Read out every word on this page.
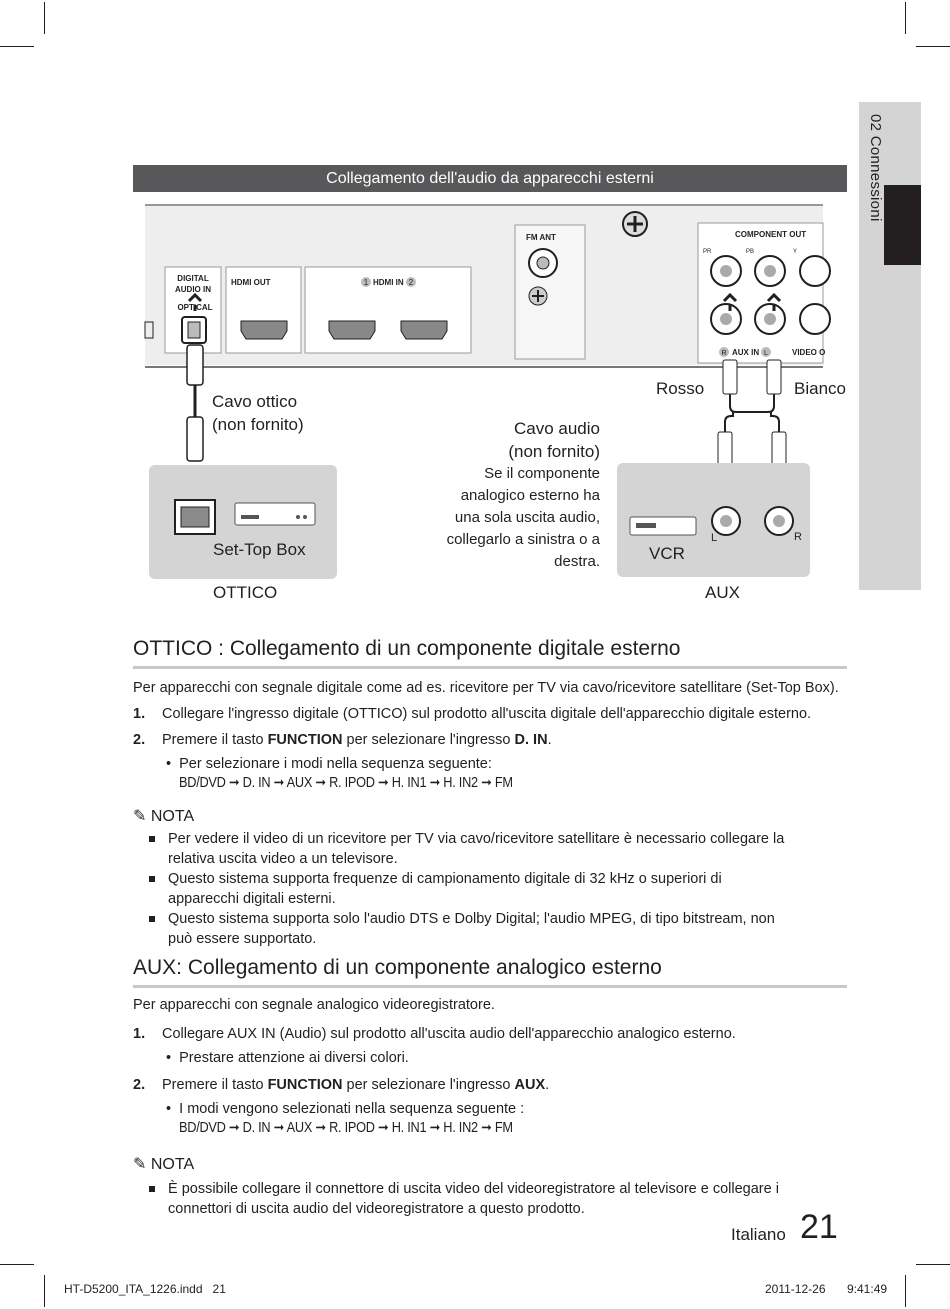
02 Connessioni
Collegamento dell'audio da apparecchi esterni
DIGITAL
AUDIO IN
OPTICAL
HDMI OUT	1 HDMI IN 2
FM ANT	COMPONENT OUT
PR	PB	Y
R AUX IN L	VIDEO O
Cavo ottico
(non fornito)
Set-Top Box
OTTICO
Cavo audio
(non fornito)
Se il componente
analogico esterno ha
una sola uscita audio,
collegarlo a sinistra o a
destra.
Rosso	Bianco
VCR
L	R
AUX
OTTICO : Collegamento di un componente digitale esterno
Per apparecchi con segnale digitale come ad es. ricevitore per TV via cavo/ricevitore satellitare (Set-Top Box).
1. Collegare l'ingresso digitale (OTTICO) sul prodotto all'uscita digitale dell'apparecchio digitale esterno.
2. Premere il tasto FUNCTION per selezionare l'ingresso D. IN.
•  Per selezionare i modi nella sequenza seguente:
BD/DVD ➞ D. IN ➞ AUX ➞ R. IPOD ➞ H. IN1 ➞ H. IN2 ➞ FM
✎ NOTA
Per vedere il video di un ricevitore per TV via cavo/ricevitore satellitare è necessario collegare la
relativa uscita video a un televisore.
Questo sistema supporta frequenze di campionamento digitale di 32 kHz o superiori di
apparecchi digitali esterni.
Questo sistema supporta solo l'audio DTS e Dolby Digital; l'audio MPEG, di tipo bitstream, non
può essere supportato.
AUX: Collegamento di un componente analogico esterno
Per apparecchi con segnale analogico videoregistratore.
1. Collegare AUX IN (Audio) sul prodotto all'uscita audio dell'apparecchio analogico esterno.
•  Prestare attenzione ai diversi colori.
2. Premere il tasto FUNCTION per selezionare l'ingresso AUX.
•  I modi vengono selezionati nella sequenza seguente :
BD/DVD ➞ D. IN ➞ AUX ➞ R. IPOD ➞ H. IN1 ➞ H. IN2 ➞ FM
✎ NOTA
È possibile collegare il connettore di uscita video del videoregistratore al televisore e collegare i
connettori di uscita audio del videoregistratore a questo prodotto.
Italiano 21
HT-D5200_ITA_1226.indd   21	2011-12-26 9:41:49
